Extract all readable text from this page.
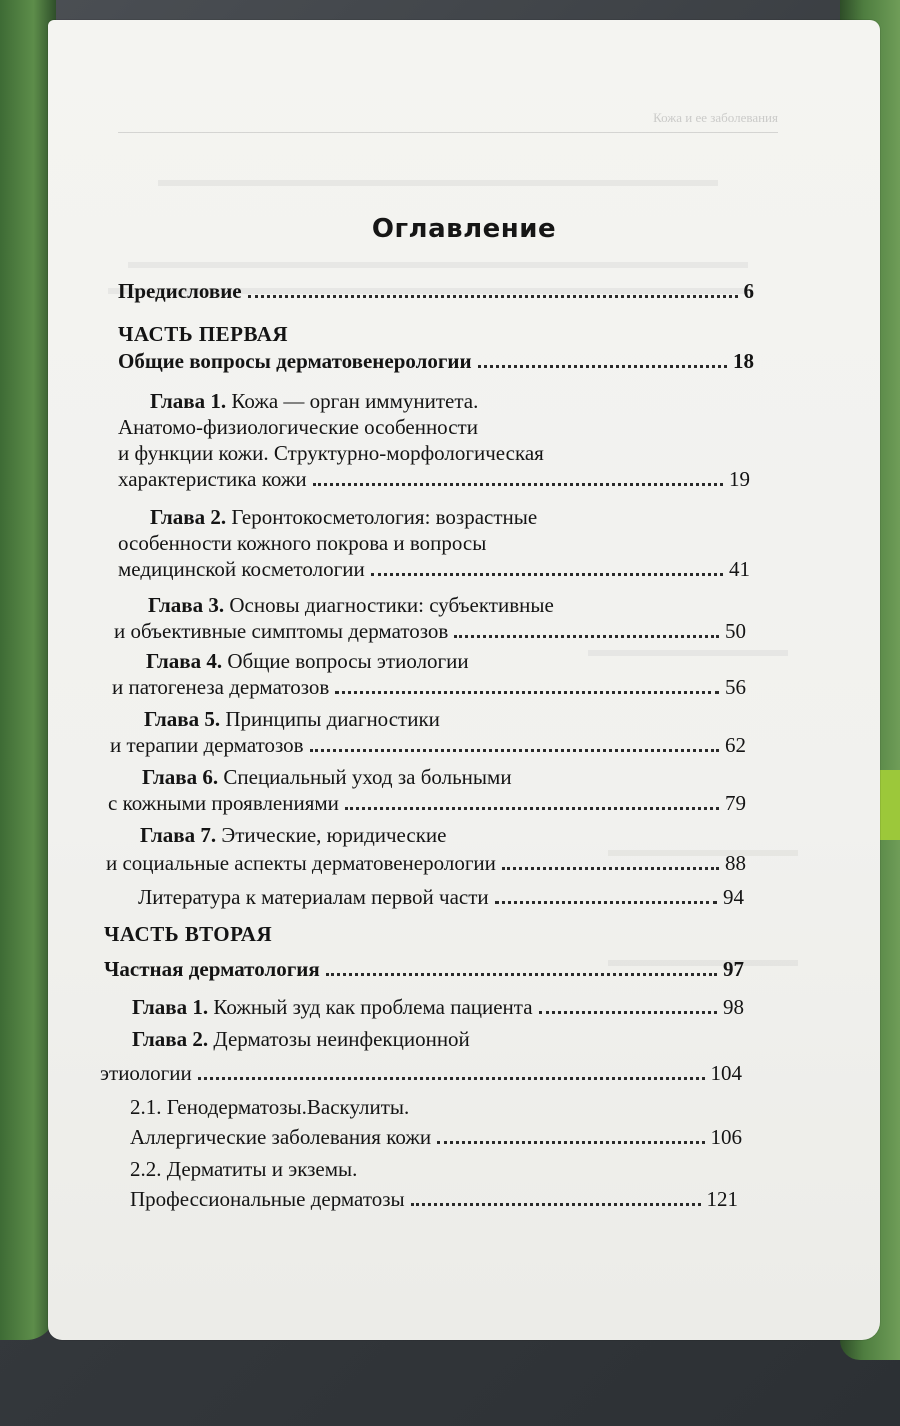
Кожа и ее заболевания
Оглавление
Предисловие	6
ЧАСТЬ ПЕРВАЯ
Общие вопросы дерматовенерологии	18
Глава 1. Кожа — орган иммунитета.
Анатомо-физиологические особенности
и функции кожи. Структурно-морфологическая
характеристика кожи	19
Глава 2. Геронтокосметология: возрастные
особенности кожного покрова и вопросы
медицинской косметологии	41
Глава 3. Основы диагностики: субъективные
и объективные симптомы дерматозов	50
Глава 4. Общие вопросы этиологии
и патогенеза дерматозов	56
Глава 5. Принципы диагностики
и терапии дерматозов	62
Глава 6. Специальный уход за больными
с кожными проявлениями	79
Глава 7. Этические, юридические
и социальные аспекты дерматовенерологии	88
Литература к материалам первой части	94
ЧАСТЬ ВТОРАЯ
Частная дерматология	97
Глава 1. Кожный зуд как проблема пациента	98
Глава 2. Дерматозы неинфекционной
этиологии	104
2.1. Генодерматозы.Васкулиты.
Аллергические заболевания кожи	106
2.2. Дерматиты и экземы.
Профессиональные дерматозы	121
